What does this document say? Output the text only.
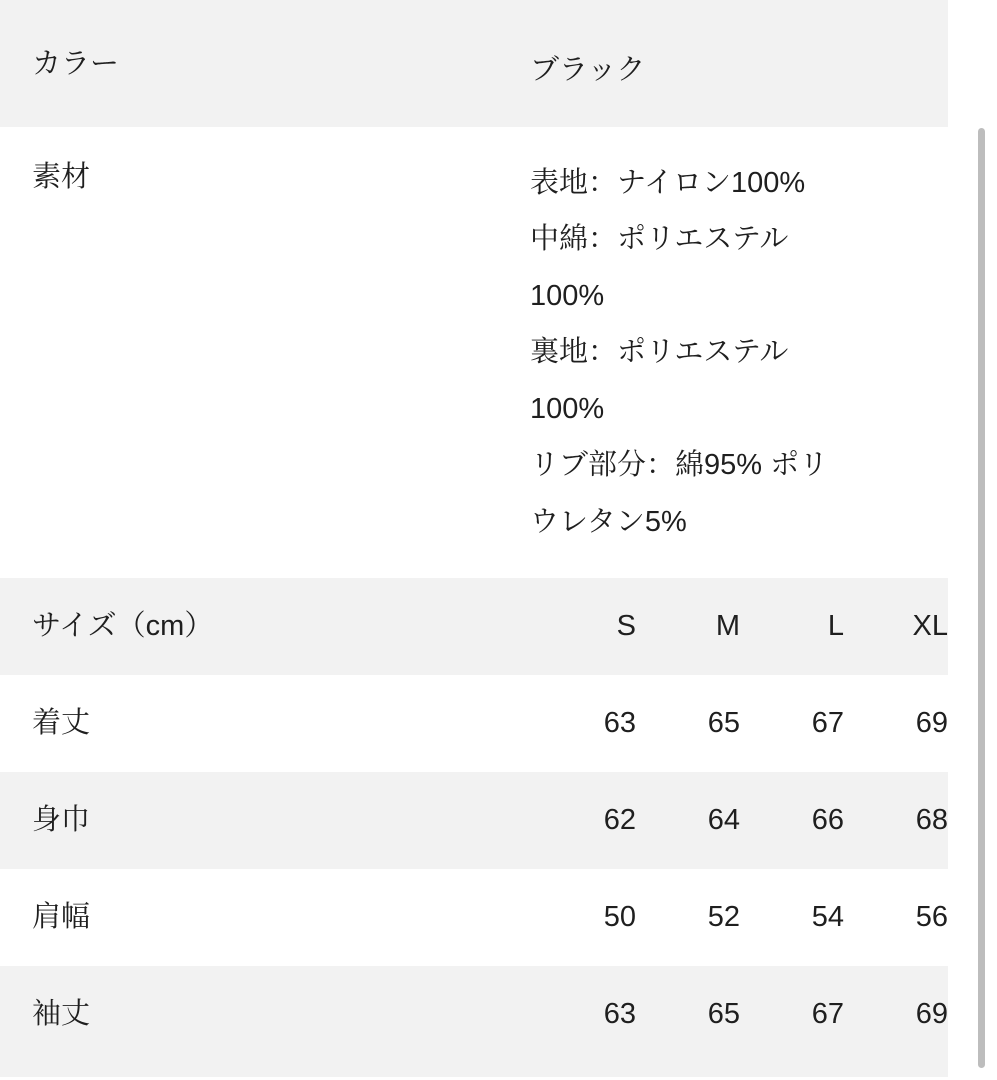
カラー	ブラック
素材	表地：ナイロン100%
中綿：ポリエステル
100%
裏地：ポリエステル
100%
リブ部分：綿95% ポリ
ウレタン5%
サイズ（cm）	S	M	L	XL
着丈	63	65	67	69
身巾	62	64	66	68
肩幅	50	52	54	56
袖丈	63	65	67	69
